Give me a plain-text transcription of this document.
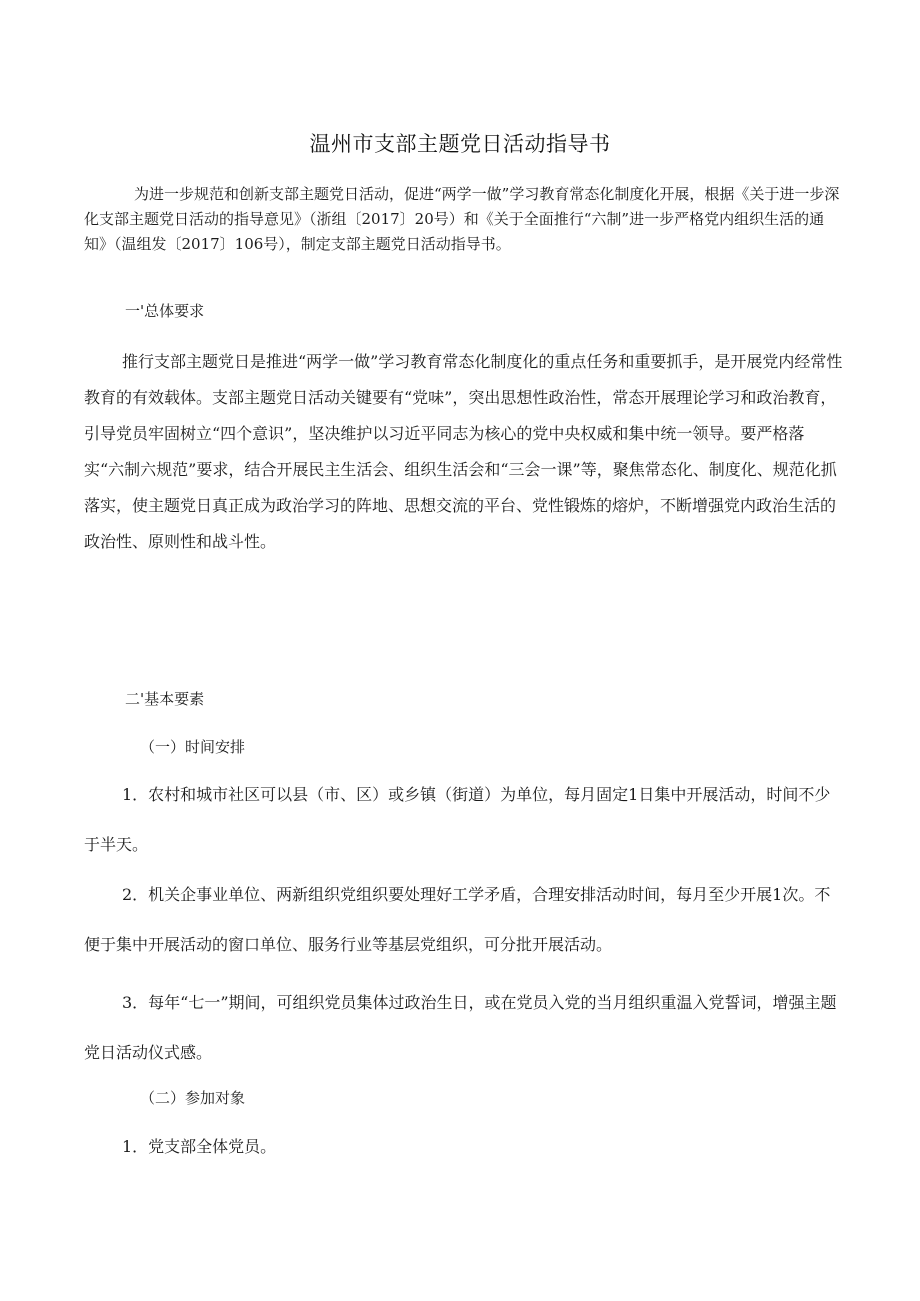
温州市支部主题党日活动指导书

为进一步规范和创新支部主题党日活动，促进“两学一做”学习教育常态化制度化开展，根据《关于进一步深化支部主题党日活动的指导意见》（浙组〔2017〕20号）和《关于全面推行“六制”进一步严格党内组织生活的通知》（温组发〔2017〕106号），制定支部主题党日活动指导书。

一'总体要求

推行支部主题党日是推进“两学一做”学习教育常态化制度化的重点任务和重要抓手，是开展党内经常性教育的有效载体。支部主题党日活动关键要有“党味”，突出思想性政治性，常态开展理论学习和政治教育，引导党员牢固树立“四个意识”，坚决维护以习近平同志为核心的党中央权威和集中统一领导。要严格落实“六制六规范”要求，结合开展民主生活会、组织生活会和“三会一课”等，聚焦常态化、制度化、规范化抓落实，使主题党日真正成为政治学习的阵地、思想交流的平台、党性锻炼的熔炉，不断增强党内政治生活的政治性、原则性和战斗性。

二'基本要素

（一）时间安排

1．农村和城市社区可以县（市、区）或乡镇（街道）为单位，每月固定1日集中开展活动，时间不少于半天。

2．机关企事业单位、两新组织党组织要处理好工学矛盾，合理安排活动时间，每月至少开展1次。不便于集中开展活动的窗口单位、服务行业等基层党组织，可分批开展活动。

3．每年“七一”期间，可组织党员集体过政治生日，或在党员入党的当月组织重温入党誓词，增强主题党日活动仪式感。

（二）参加对象

1．党支部全体党员。
